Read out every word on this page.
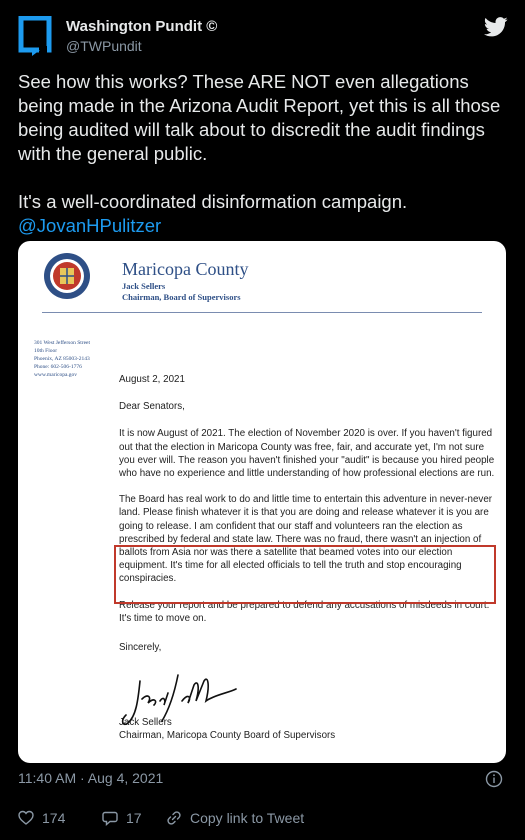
Washington Pundit ©
@TWPundit

See how this works? These ARE NOT even allegations being made in the Arizona Audit Report, yet this is all those being audited will talk about to discredit the audit findings with the general public.

It's a well-coordinated disinformation campaign.

@JovanHPulitzer

Maricopa County
Jack Sellers
Chairman, Board of Supervisors
301 West Jefferson Street
10th Floor
Phoenix, AZ 85003-2143
Phone: 602-506-1776
www.maricopa.gov	August 2, 2021

Dear Senators,

It is now August of 2021. The election of November 2020 is over. If you haven't figured out that the election in Maricopa County was free, fair, and accurate yet, I'm not sure you ever will. The reason you haven't finished your "audit" is because you hired people who have no experience and little understanding of how professional elections are run.

The Board has real work to do and little time to entertain this adventure in never-never land. Please finish whatever it is that you are doing and release whatever it is you are going to release. I am confident that our staff and volunteers ran the election as prescribed by federal and state law. There was no fraud, there wasn't an injection of ballots from Asia nor was there a satellite that beamed votes into our election equipment. It's time for all elected officials to tell the truth and stop encouraging conspiracies.

Release your report and be prepared to defend any accusations of misdeeds in court. It's time to move on.

Sincerely,

Jack Sellers

Chairman, Maricopa County Board of Supervisors

11:40 AM · Aug 4, 2021
174	17	Copy link to Tweet
